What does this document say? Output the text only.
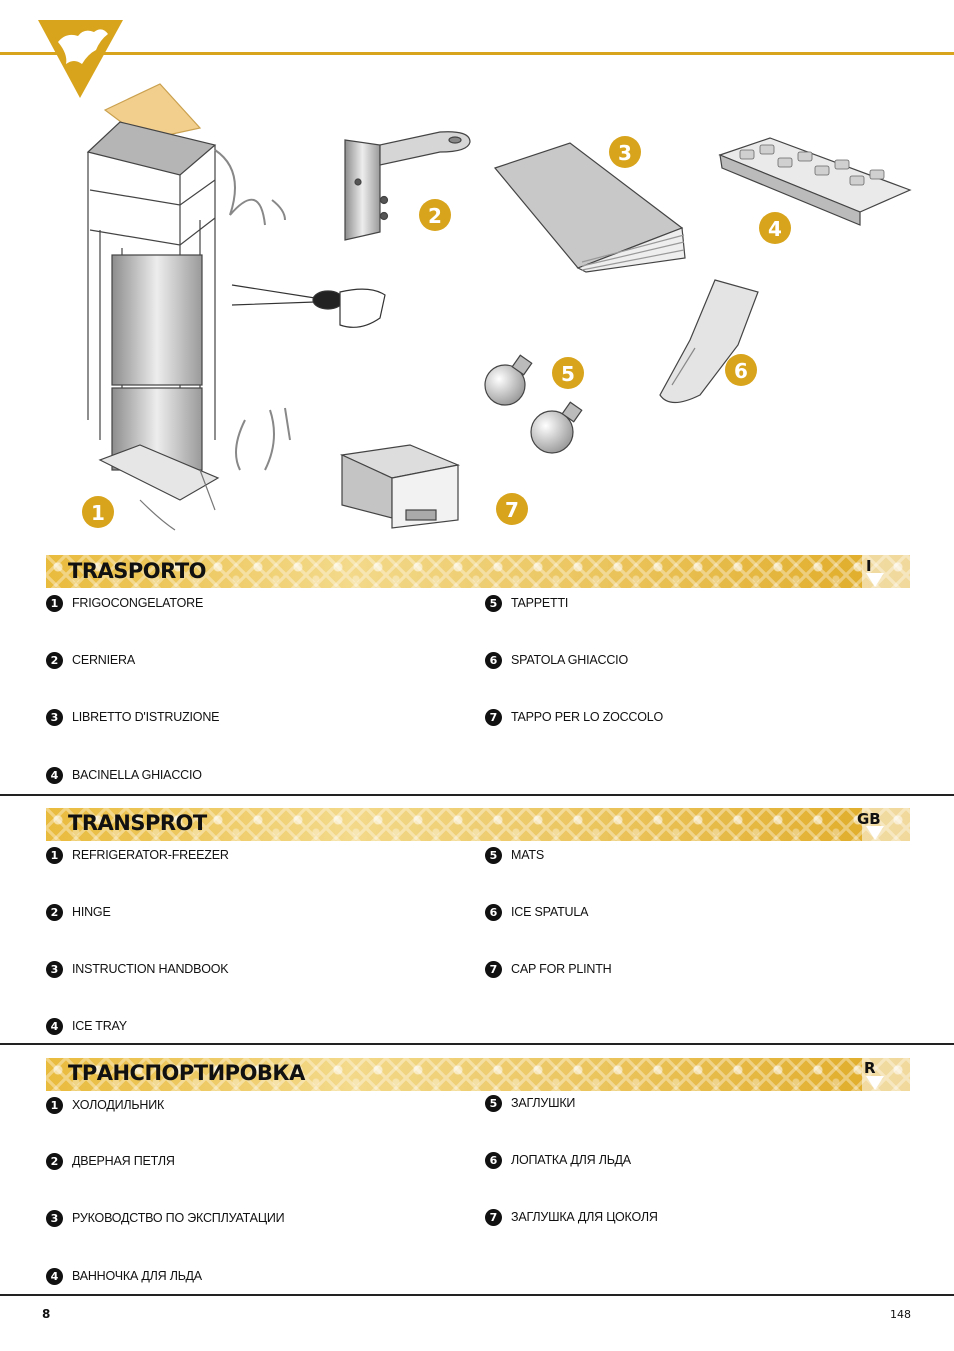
1
2
3
4
5	6
7
TRASPORTO	I
1	FRIGOCONGELATORE
2	CERNIERA
3	LIBRETTO D'ISTRUZIONE
4	BACINELLA GHIACCIO
5	TAPPETTI
6	SPATOLA GHIACCIO
7	TAPPO PER LO ZOCCOLO
TRANSPROT	GB
1	REFRIGERATOR-FREEZER
2	HINGE
3	INSTRUCTION HANDBOOK
4	ICE TRAY
5	MATS
6	ICE SPATULA
7	CAP FOR PLINTH
ТРАНСПОРТИРОВКА	R
1	ХОЛОДИЛЬНИК
2	ДВЕРНАЯ ПЕТЛЯ
3	РУКОВОДСТВО ПО ЭКСПЛУАТАЦИИ
4	ВАННОЧКА ДЛЯ ЛЬДА
5	ЗАГЛУШКИ
6	ЛОПАТКА ДЛЯ ЛЬДА
7	ЗАГЛУШКА ДЛЯ ЦОКОЛЯ
8	148
